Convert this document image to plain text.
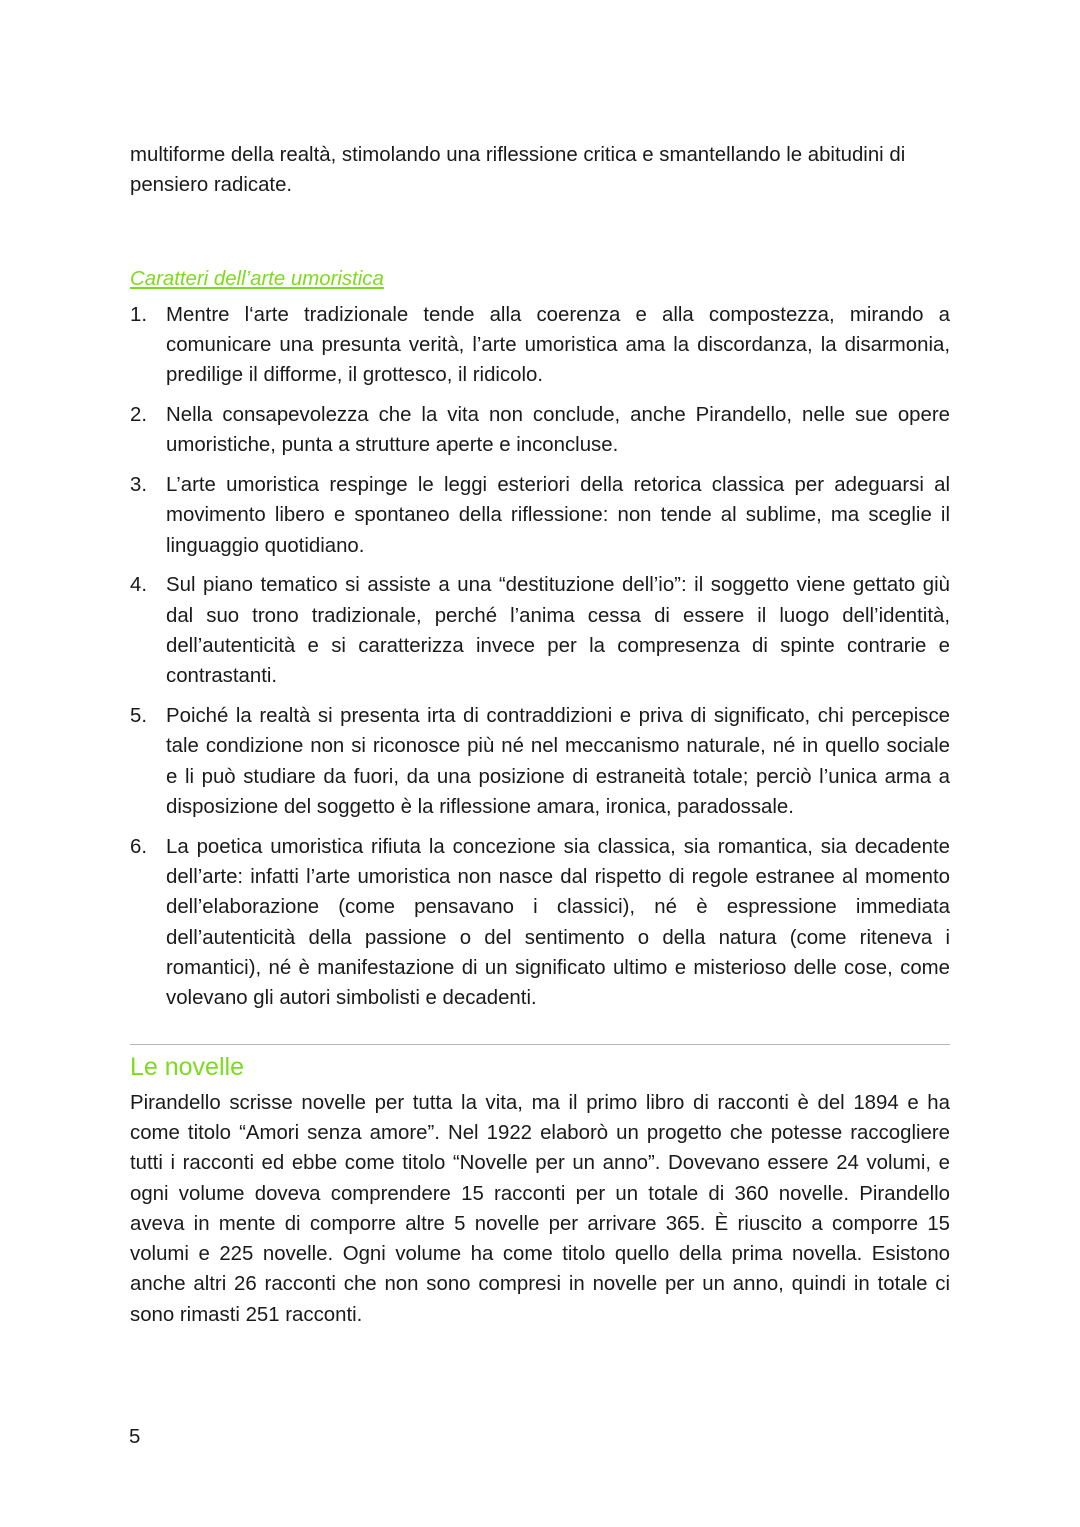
multiforme della realtà, stimolando una riflessione critica e smantellando le abitudini di pensiero radicate.

Caratteri dell’arte umoristica
1. Mentre l‘arte tradizionale tende alla coerenza e alla compostezza, mirando a comunicare una presunta verità, l’arte umoristica ama la discordanza, la disarmonia, predilige il difforme, il grottesco, il ridicolo.

2. Nella consapevolezza che la vita non conclude, anche Pirandello, nelle sue opere umoristiche, punta a strutture aperte e inconcluse.

3. L’arte umoristica respinge le leggi esteriori della retorica classica per adeguarsi al movimento libero e spontaneo della riflessione: non tende al sublime, ma sceglie il linguaggio quotidiano.

4. Sul piano tematico si assiste a una “destituzione dell’io”: il soggetto viene gettato giù dal suo trono tradizionale, perché l’anima cessa di essere il luogo dell’identità, dell’autenticità e si caratterizza invece per la compresenza di spinte contrarie e contrastanti.

5. Poiché la realtà si presenta irta di contraddizioni e priva di significato, chi percepisce tale condizione non si riconosce più né nel meccanismo naturale, né in quello sociale e li può studiare da fuori, da una posizione di estraneità totale; perciò l’unica arma a disposizione del soggetto è la riflessione amara, ironica, paradossale.

6. La poetica umoristica rifiuta la concezione sia classica, sia romantica, sia decadente dell’arte: infatti l’arte umoristica non nasce dal rispetto di regole estranee al momento dell’elaborazione (come pensavano i classici), né è espressione immediata dell’autenticità della passione o del sentimento o della natura (come riteneva i romantici), né è manifestazione di un significato ultimo e misterioso delle cose, come volevano gli autori simbolisti e decadenti.

Le novelle

Pirandello scrisse novelle per tutta la vita, ma il primo libro di racconti è del 1894 e ha come titolo “Amori senza amore”. Nel 1922 elaborò un progetto che potesse raccogliere tutti i racconti ed ebbe come titolo “Novelle per un anno”. Dovevano essere 24 volumi, e ogni volume doveva comprendere 15 racconti per un totale di 360 novelle. Pirandello aveva in mente di comporre altre 5 novelle per arrivare 365. È riuscito a comporre 15 volumi e 225 novelle. Ogni volume ha come titolo quello della prima novella. Esistono anche altri 26 racconti che non sono compresi in novelle per un anno, quindi in totale ci sono rimasti 251 racconti.

5
